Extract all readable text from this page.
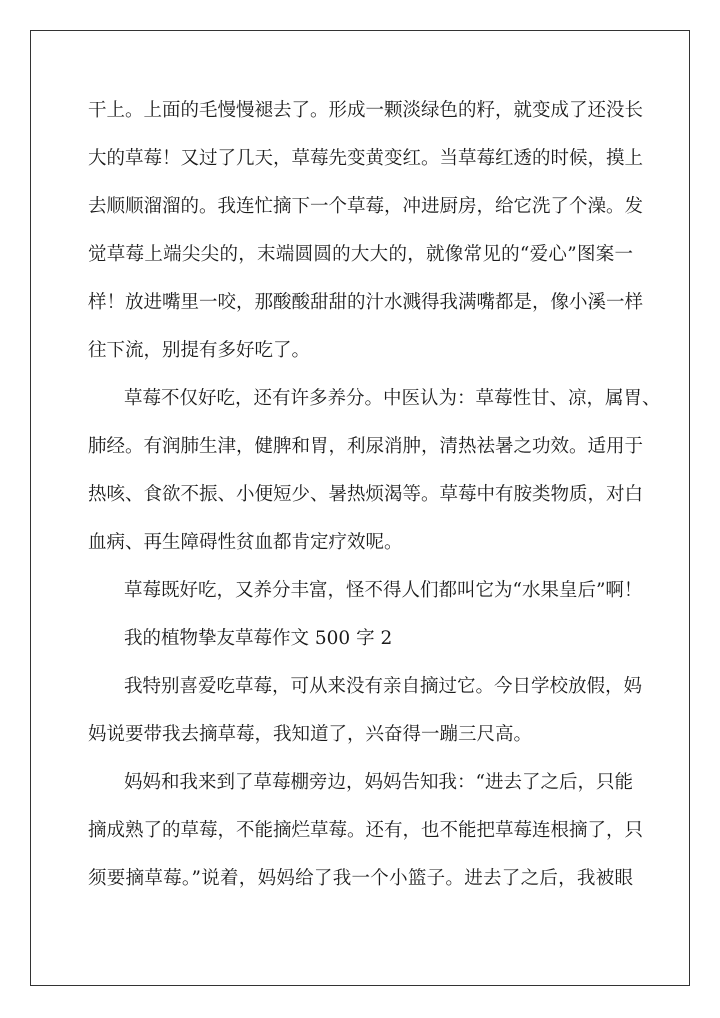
干上。上面的毛慢慢褪去了。形成一颗淡绿色的籽，就变成了还没长
大的草莓！又过了几天，草莓先变黄变红。当草莓红透的时候，摸上
去顺顺溜溜的。我连忙摘下一个草莓，冲进厨房，给它洗了个澡。发
觉草莓上端尖尖的，末端圆圆的大大的，就像常见的“爱心”图案一
样！放进嘴里一咬，那酸酸甜甜的汁水溅得我满嘴都是，像小溪一样
往下流，别提有多好吃了。
草莓不仅好吃，还有许多养分。中医认为：草莓性甘、凉，属胃、
肺经。有润肺生津，健脾和胃，利尿消肿，清热祛暑之功效。适用于
热咳、食欲不振、小便短少、暑热烦渴等。草莓中有胺类物质，对白
血病、再生障碍性贫血都肯定疗效呢。
草莓既好吃，又养分丰富，怪不得人们都叫它为“水果皇后”啊！
我的植物挚友草莓作文 500 字 2
我特别喜爱吃草莓，可从来没有亲自摘过它。今日学校放假，妈
妈说要带我去摘草莓，我知道了，兴奋得一蹦三尺高。
妈妈和我来到了草莓棚旁边，妈妈告知我：“进去了之后，只能
摘成熟了的草莓，不能摘烂草莓。还有，也不能把草莓连根摘了，只
须要摘草莓。”说着，妈妈给了我一个小篮子。进去了之后，我被眼
